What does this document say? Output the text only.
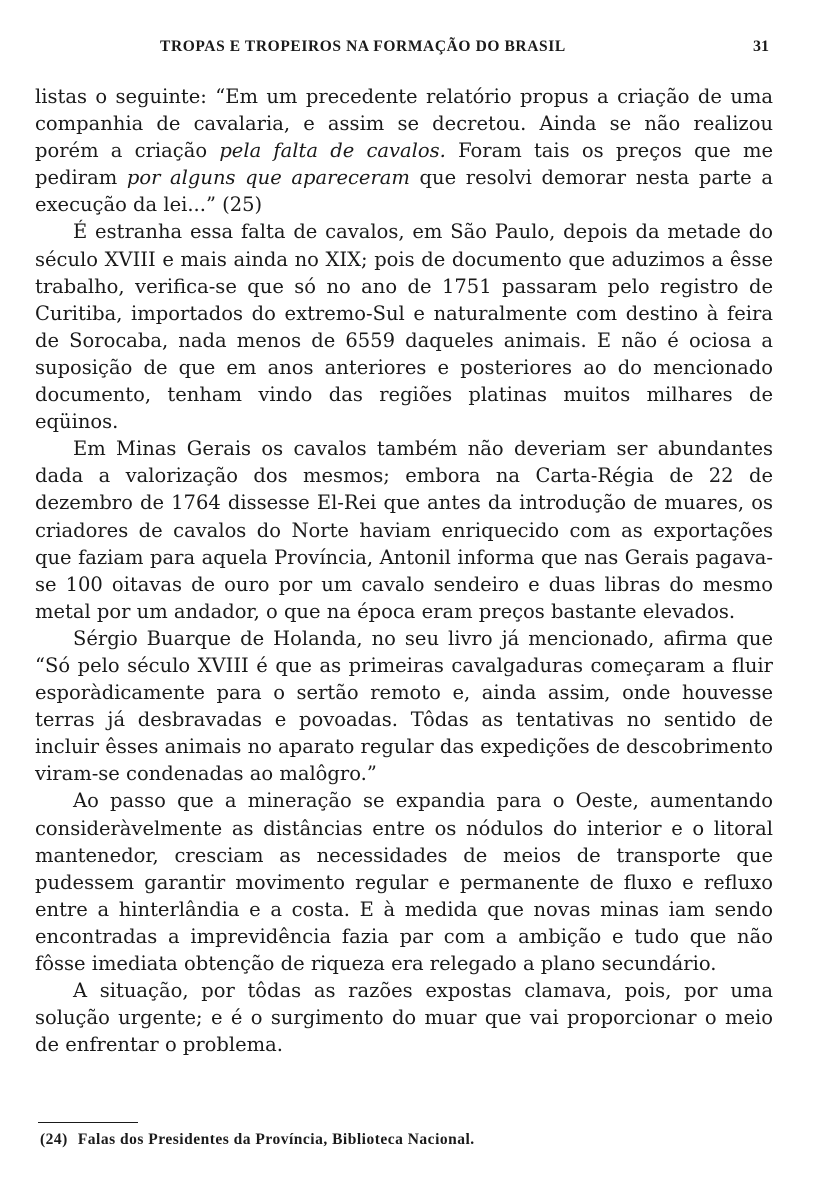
TROPAS E TROPEIROS NA FORMAÇÃO DO BRASIL	31

listas o seguinte: “Em um precedente relatório propus a criação de uma companhia de cavalaria, e assim se decretou. Ainda se não realizou porém a criação pela falta de cavalos. Foram tais os preços que me pediram por alguns que apareceram que resolvi demorar nesta parte a execução da lei...” (25)

É estranha essa falta de cavalos, em São Paulo, depois da metade do século XVIII e mais ainda no XIX; pois de documento que aduzimos a êsse trabalho, verifica-se que só no ano de 1751 passaram pelo registro de Curitiba, importados do extremo-Sul e naturalmente com destino à feira de Sorocaba, nada menos de 6559 daqueles animais. E não é ociosa a suposição de que em anos anteriores e posteriores ao do mencionado documento, tenham vindo das regiões platinas muitos milhares de eqüinos.

Em Minas Gerais os cavalos também não deveriam ser abundantes dada a valorização dos mesmos; embora na Carta-Régia de 22 de dezembro de 1764 dissesse El-Rei que antes da introdução de muares, os criadores de cavalos do Norte haviam enriquecido com as exportações que faziam para aquela Província, Antonil informa que nas Gerais pagava-se 100 oitavas de ouro por um cavalo sendeiro e duas libras do mesmo metal por um andador, o que na época eram preços bastante elevados.

Sérgio Buarque de Holanda, no seu livro já mencionado, afirma que “Só pelo século XVIII é que as primeiras cavalgaduras começaram a fluir esporàdicamente para o sertão remoto e, ainda assim, onde houvesse terras já desbravadas e povoadas. Tôdas as tentativas no sentido de incluir êsses animais no aparato regular das expedições de descobrimento viram-se condenadas ao malôgro.”

Ao passo que a mineração se expandia para o Oeste, aumentando consideràvelmente as distâncias entre os nódulos do interior e o litoral mantenedor, cresciam as necessidades de meios de transporte que pudessem garantir movimento regular e permanente de fluxo e refluxo entre a hinterlândia e a costa. E à medida que novas minas iam sendo encontradas a imprevidência fazia par com a ambição e tudo que não fôsse imediata obtenção de riqueza era relegado a plano secundário.

A situação, por tôdas as razões expostas clamava, pois, por uma solução urgente; e é o surgimento do muar que vai proporcionar o meio de enfrentar o problema.

(24) Falas dos Presidentes da Província, Biblioteca Nacional.
